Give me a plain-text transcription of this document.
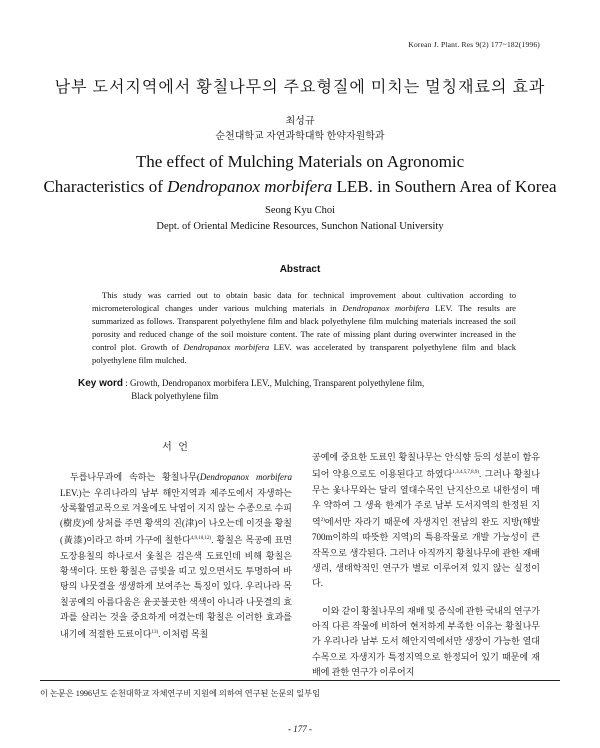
Korean J. Plant. Res 9(2) 177~182(1996)
남부 도서지역에서 황칠나무의 주요형질에 미치는 멀칭재료의 효과
최성규
순천대학교 자연과학대학 한약자원학과
The effect of Mulching Materials on Agronomic
Characteristics of Dendropanox morbifera LEB. in Southern Area of Korea
Seong Kyu Choi
Dept. of Oriental Medicine Resources, Sunchon National University
Abstract
This study was carried out to obtain basic data for technical improvement about cultivation according to micrometerological changes under various mulching materials in Dendropanox morbifera LEV. The results are summarized as follows. Transparent polyethylene film and black polyethylene film mulching materials increased the soil porosity and reduced change of the soil moisture content. The rate of missing plant during overwinter increased in the control plot. Growth of Dendropanox morbifera LEV. was accelerated by transparent polyethylene film and black polyethylene film mulched.
Key word : Growth, Dendropanox morbifera LEV., Mulching, Transparent polyethylene film,
Black polyethylene film
서 언

두릅나무과에 속하는 황칠나무(Dendropanox morbifera LEV.)는 우리나라의 남부 해안지역과 제주도에서 자생하는 상록활엽교목으로 겨울에도 낙엽이 지지 않는 수종으로 수피(樹皮)에 상처를 주면 황색의 진(津)이 나오는데 이것을 황칠(黃漆)이라고 하며 가구에 칠한다$^{4,9,10,12)}$. 황칠은 목공예 표면도장용칠의 하나로서 옻칠은 검은색 도료인데 비해 황칠은 황색이다. 또한 황칠은 금빛을 띠고 있으면서도 투명하여 바탕의 나뭇결을 생생하게 보여주는 특징이 있다. 우리나라 목칠공예의 아름다움은 윤곳불곳한 색색이 아니라 나뭇결의 효과를 살리는 것을 중요하게 여겼는데 황칠은 이러한 효과를 내기에 적절한 도료이다$^{13)}$. 이처럼 목칠

공예에 중요한 도료인 황칠나무는 안식향 등의 성분이 함유되어 약용으로도 이용된다고 하였다$^{1,3,4,5,7,8,9)}$. 그러나 황칠나무는 옻나무와는 달리 열대수목인 난지산으로 내한성이 매우 약하여 그 생육 한계가 주로 남부 도서지역의 한정된 지역$^{2)}$에서만 자라기 때문에 자생지인 전남의 완도 지방(해발700m이하의 따뜻한 지역)의 특용작물로 개발 가능성이 큰 작목으로 생각된다. 그러나 아직까지 황칠나무에 관한 재배생리, 생태학적인 연구가 별로 이루어져 있지 않는 실정이다.

이와 같이 황칠나무의 재배 및 증식에 관한 국내의 연구가 아직 다른 작물에 비하여 현저하게 부족한 이유는 황칠나무가 우리나라 남부 도서 해안지역에서만 생장이 가능한 열대수목으로 자생지가 특정지역으로 한정되어 있기 때문에 재배에 관한 연구가 이루어지

이 논문은 1996년도 순천대학교 자체연구비 지원에 의하여 연구된 논문의 일부임
- 177 -
